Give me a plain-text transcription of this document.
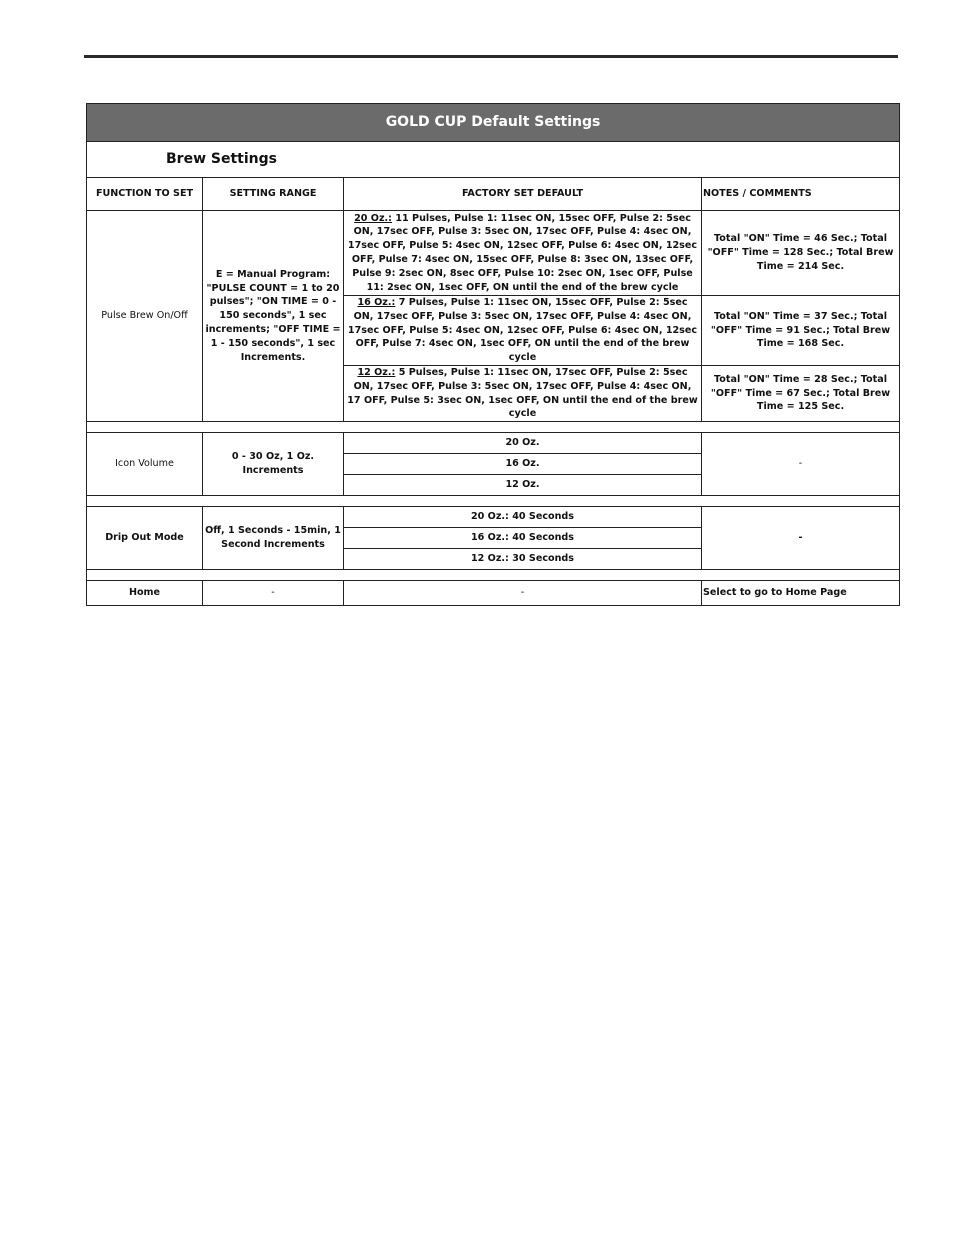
GOLD CUP Default Settings			
Brew Settings			
FUNCTION TO SET	SETTING RANGE	FACTORY SET DEFAULT	NOTES / COMMENTS
Pulse Brew On/Off	E = Manual Program: "PULSE COUNT = 1 to 20 pulses"; "ON TIME = 0 - 150 seconds", 1 sec increments; "OFF TIME = 1 - 150 seconds", 1 sec Increments.	20 Oz.: 11 Pulses, Pulse 1: 11sec ON, 15sec OFF, Pulse 2: 5sec ON, 17sec OFF, Pulse 3: 5sec ON, 17sec OFF, Pulse 4: 4sec ON, 17sec OFF, Pulse 5: 4sec ON, 12sec OFF, Pulse 6: 4sec ON, 12sec OFF, Pulse 7: 4sec ON, 15sec OFF, Pulse 8: 3sec ON, 13sec OFF, Pulse 9: 2sec ON, 8sec OFF, Pulse 10: 2sec ON, 1sec OFF, Pulse 11: 2sec ON, 1sec OFF, ON until the end of the brew cycle	Total "ON" Time = 46 Sec.; Total "OFF" Time = 128 Sec.; Total Brew Time = 214 Sec.
		16 Oz.: 7 Pulses, Pulse 1: 11sec ON, 15sec OFF, Pulse 2: 5sec ON, 17sec OFF, Pulse 3: 5sec ON, 17sec OFF, Pulse 4: 4sec ON, 17sec OFF, Pulse 5: 4sec ON, 12sec OFF, Pulse 6: 4sec ON, 12sec OFF, Pulse 7: 4sec ON, 1sec OFF, ON until the end of the brew cycle	Total "ON" Time = 37 Sec.; Total "OFF" Time = 91 Sec.; Total Brew Time = 168 Sec.
		12 Oz.: 5 Pulses, Pulse 1: 11sec ON, 17sec OFF, Pulse 2: 5sec ON, 17sec OFF, Pulse 3: 5sec ON, 17sec OFF, Pulse 4: 4sec ON, 17 OFF, Pulse 5: 3sec ON, 1sec OFF, ON until the end of the brew cycle	Total "ON" Time = 28 Sec.; Total "OFF" Time = 67 Sec.; Total Brew Time = 125 Sec.

Icon Volume	0 - 30 Oz, 1 Oz. Increments	20 Oz.	-
		16 Oz.	
		12 Oz.	

Drip Out Mode	Off, 1 Seconds - 15min, 1 Second Increments	20 Oz.: 40 Seconds	-
		16 Oz.: 40 Seconds	
		12 Oz.: 30 Seconds	

Home	-	-	Select to go to Home Page
